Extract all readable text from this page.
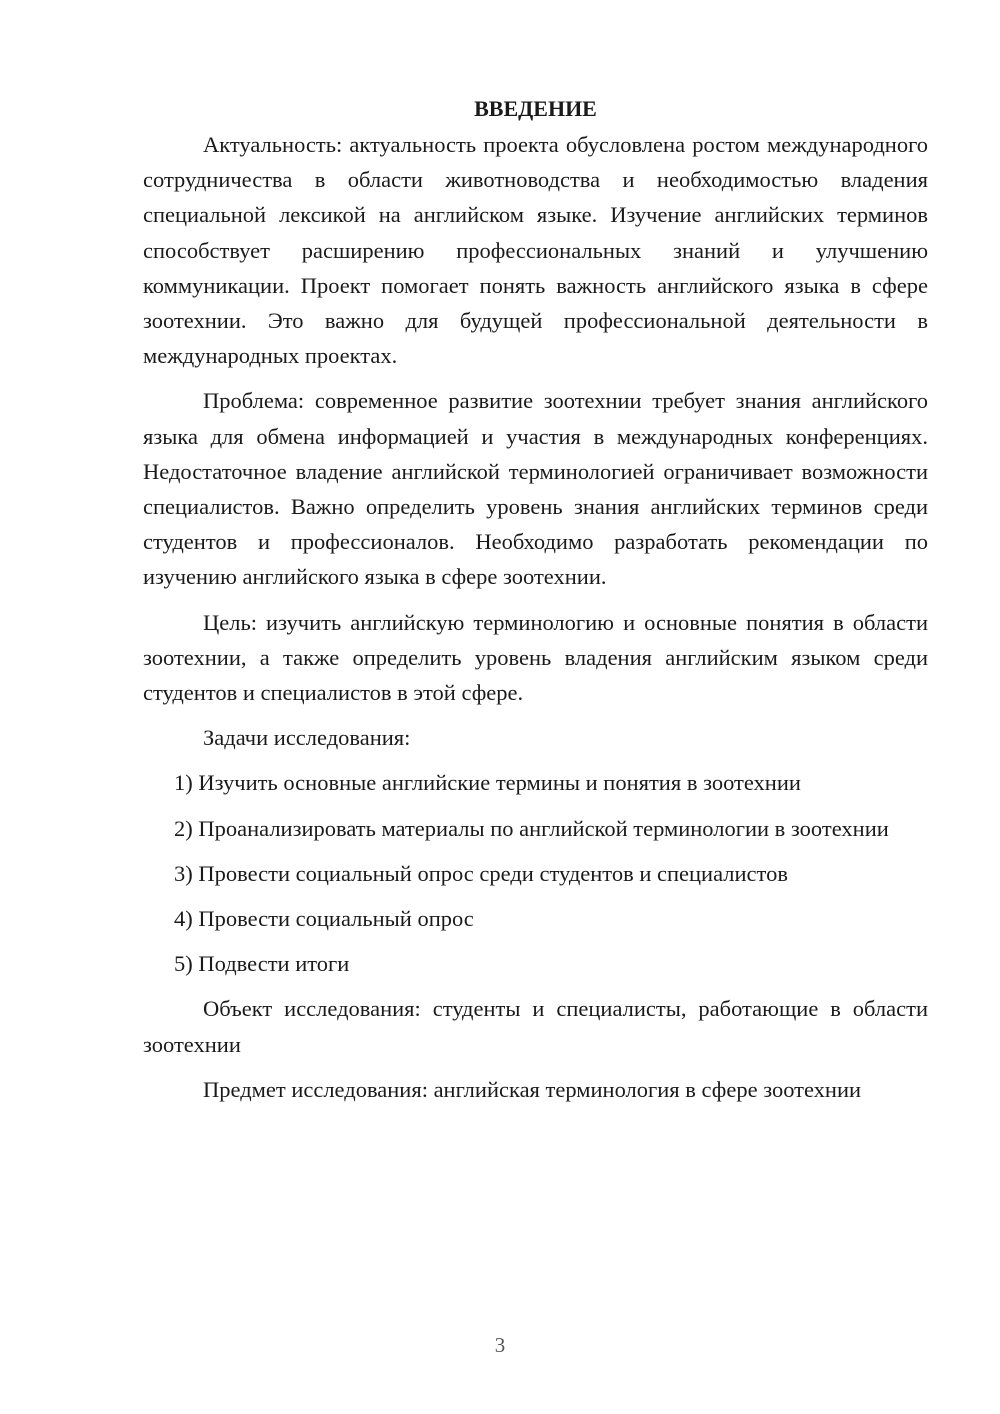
ВВЕДЕНИЕ

Актуальность: актуальность проекта обусловлена ростом международного сотрудничества в области животноводства и необходимостью владения специальной лексикой на английском языке. Изучение английских терминов способствует расширению профессиональных знаний и улучшению коммуникации. Проект помогает понять важность английского языка в сфере зоотехнии. Это важно для будущей профессиональной деятельности в международных проектах.

Проблема: современное развитие зоотехнии требует знания английского языка для обмена информацией и участия в международных конференциях. Недостаточное владение английской терминологией ограничивает возможности специалистов. Важно определить уровень знания английских терминов среди студентов и профессионалов. Необходимо разработать рекомендации по изучению английского языка в сфере зоотехнии.

Цель: изучить английскую терминологию и основные понятия в области зоотехнии, а также определить уровень владения английским языком среди студентов и специалистов в этой сфере.

Задачи исследования:

1) Изучить основные английские термины и понятия в зоотехнии

2) Проанализировать материалы по английской терминологии в зоотехнии

3) Провести социальный опрос среди студентов и специалистов

4) Провести социальный опрос

5) Подвести итоги

Объект исследования: студенты и специалисты, работающие в области зоотехнии

Предмет исследования: английская терминология в сфере зоотехнии

3
